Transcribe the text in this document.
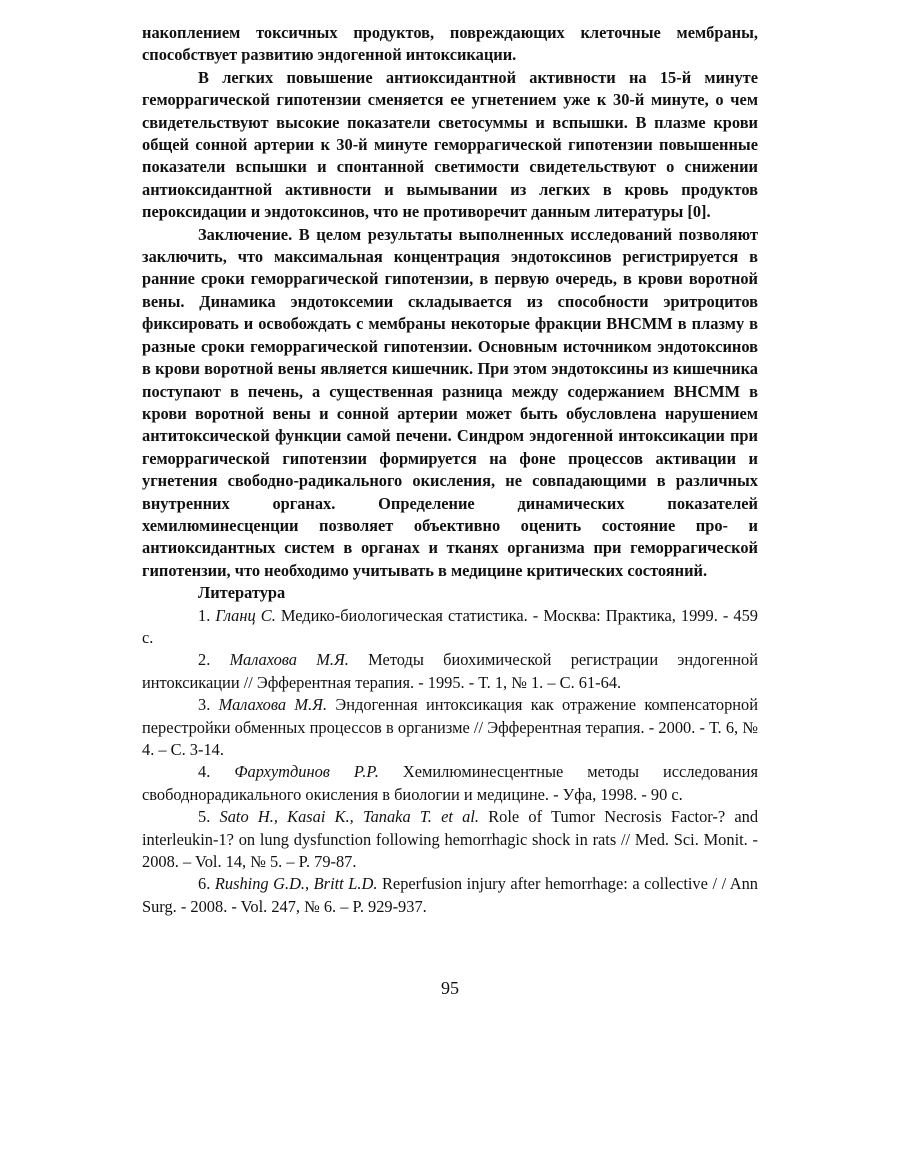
накоплением токсичных продуктов, повреждающих клеточные мембраны, способствует развитию эндогенной интоксикации.

В легких повышение антиоксидантной активности на 15-й минуте геморрагической гипотензии сменяется ее угнетением уже к 30-й минуте, о чем свидетельствуют высокие показатели светосуммы и вспышки. В плазме крови общей сонной артерии к 30-й минуте геморрагической гипотензии повышенные показатели вспышки и спонтанной светимости свидетельствуют о снижении антиоксидантной активности и вымывании из легких в кровь продуктов пероксидации и эндотоксинов, что не противоречит данным литературы [0].

Заключение. В целом результаты выполненных исследований позволяют заключить, что максимальная концентрация эндотоксинов регистрируется в ранние сроки геморрагической гипотензии, в первую очередь, в крови воротной вены. Динамика эндотоксемии складывается из способности эритроцитов фиксировать и освобождать с мембраны некоторые фракции ВНСММ в плазму в разные сроки геморрагической гипотензии. Основным источником эндотоксинов в крови воротной вены является кишечник. При этом эндотоксины из кишечника поступают в печень, а существенная разница между содержанием ВНСММ в крови воротной вены и сонной артерии может быть обусловлена нарушением антитоксической функции самой печени. Синдром эндогенной интоксикации при геморрагической гипотензии формируется на фоне процессов активации и угнетения свободно-радикального окисления, не совпадающими в различных внутренних органах. Определение динамических показателей хемилюминесценции позволяет объективно оценить состояние про- и антиоксидантных систем в органах и тканях организма при геморрагической гипотензии, что необходимо учитывать в медицине критических состояний.

Литература

1. Гланц С. Медико-биологическая статистика. - Москва: Практика, 1999. - 459 с.

2. Малахова М.Я. Методы биохимической регистрации эндогенной интоксикации // Эфферентная терапия. - 1995. - Т. 1, № 1. – С. 61-64.

3. Малахова М.Я. Эндогенная интоксикация как отражение компенсаторной перестройки обменных процессов в организме // Эфферентная терапия. - 2000. - Т. 6, № 4. – С. 3-14.

4. Фархутдинов Р.Р. Хемилюминесцентные методы исследования свободнорадикального окисления в биологии и медицине. - Уфа, 1998. - 90 с.

5. Sato H., Kasai K., Tanaka T. et al. Role of Tumor Necrosis Factor-? and interleukin-1? on lung dysfunction following hemorrhagic shock in rats // Med. Sci. Monit. - 2008. – Vol. 14, № 5. – P. 79-87.

6. Rushing G.D., Britt L.D. Reperfusion injury after hemorrhage: a collective / / Ann Surg. - 2008. - Vol. 247, № 6. – P. 929-937.

95
